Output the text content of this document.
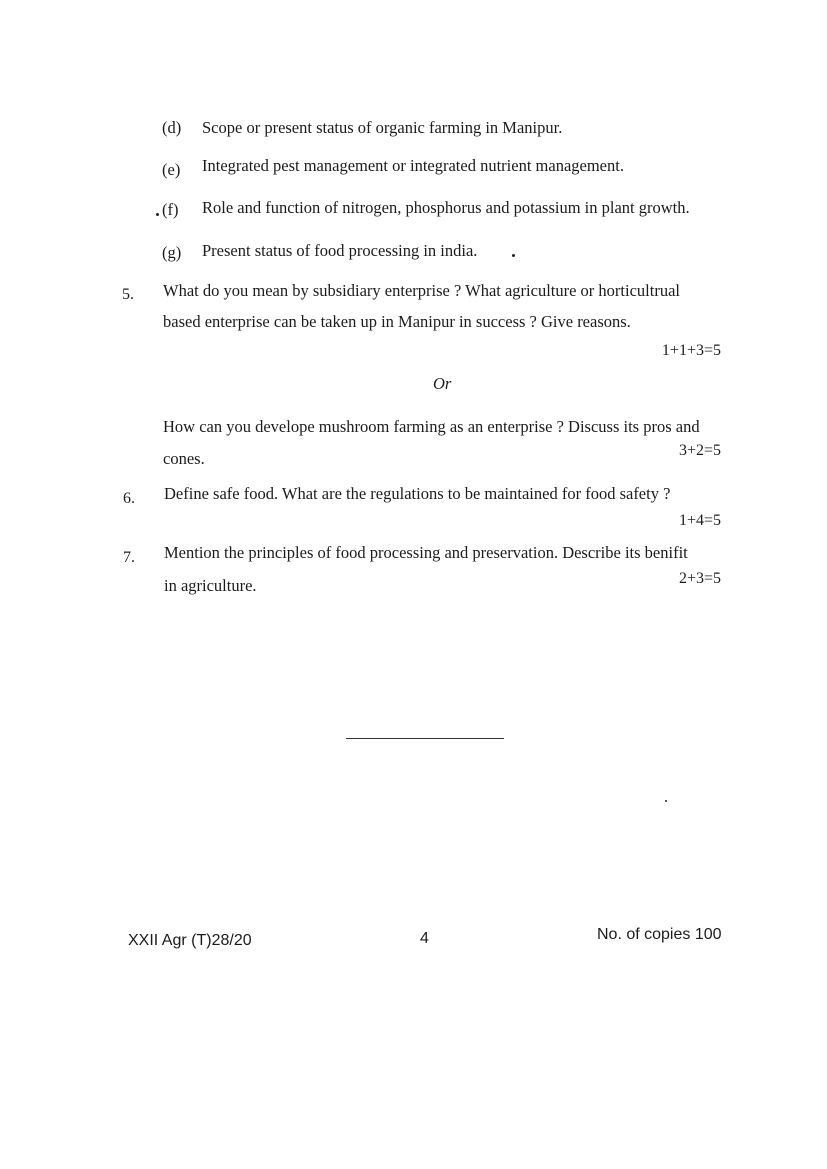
(d) Scope or present status of organic farming in Manipur.
(e) Integrated pest management or integrated nutrient management.
(f) Role and function of nitrogen, phosphorus and potassium in plant growth.
(g) Present status of food processing in india.
5. What do you mean by subsidiary enterprise ? What agriculture or horticultrual
based enterprise can be taken up in Manipur in success ? Give reasons.
1+1+3=5
Or
How can you develope mushroom farming as an enterprise ? Discuss its pros and
cones.	3+2=5
6. Define safe food. What are the regulations to be maintained for food safety ?
1+4=5
7. Mention the principles of food processing and preservation. Describe its benifit
in agriculture.	2+3=5
XXII Agr (T)28/20	4	No. of copies 100
